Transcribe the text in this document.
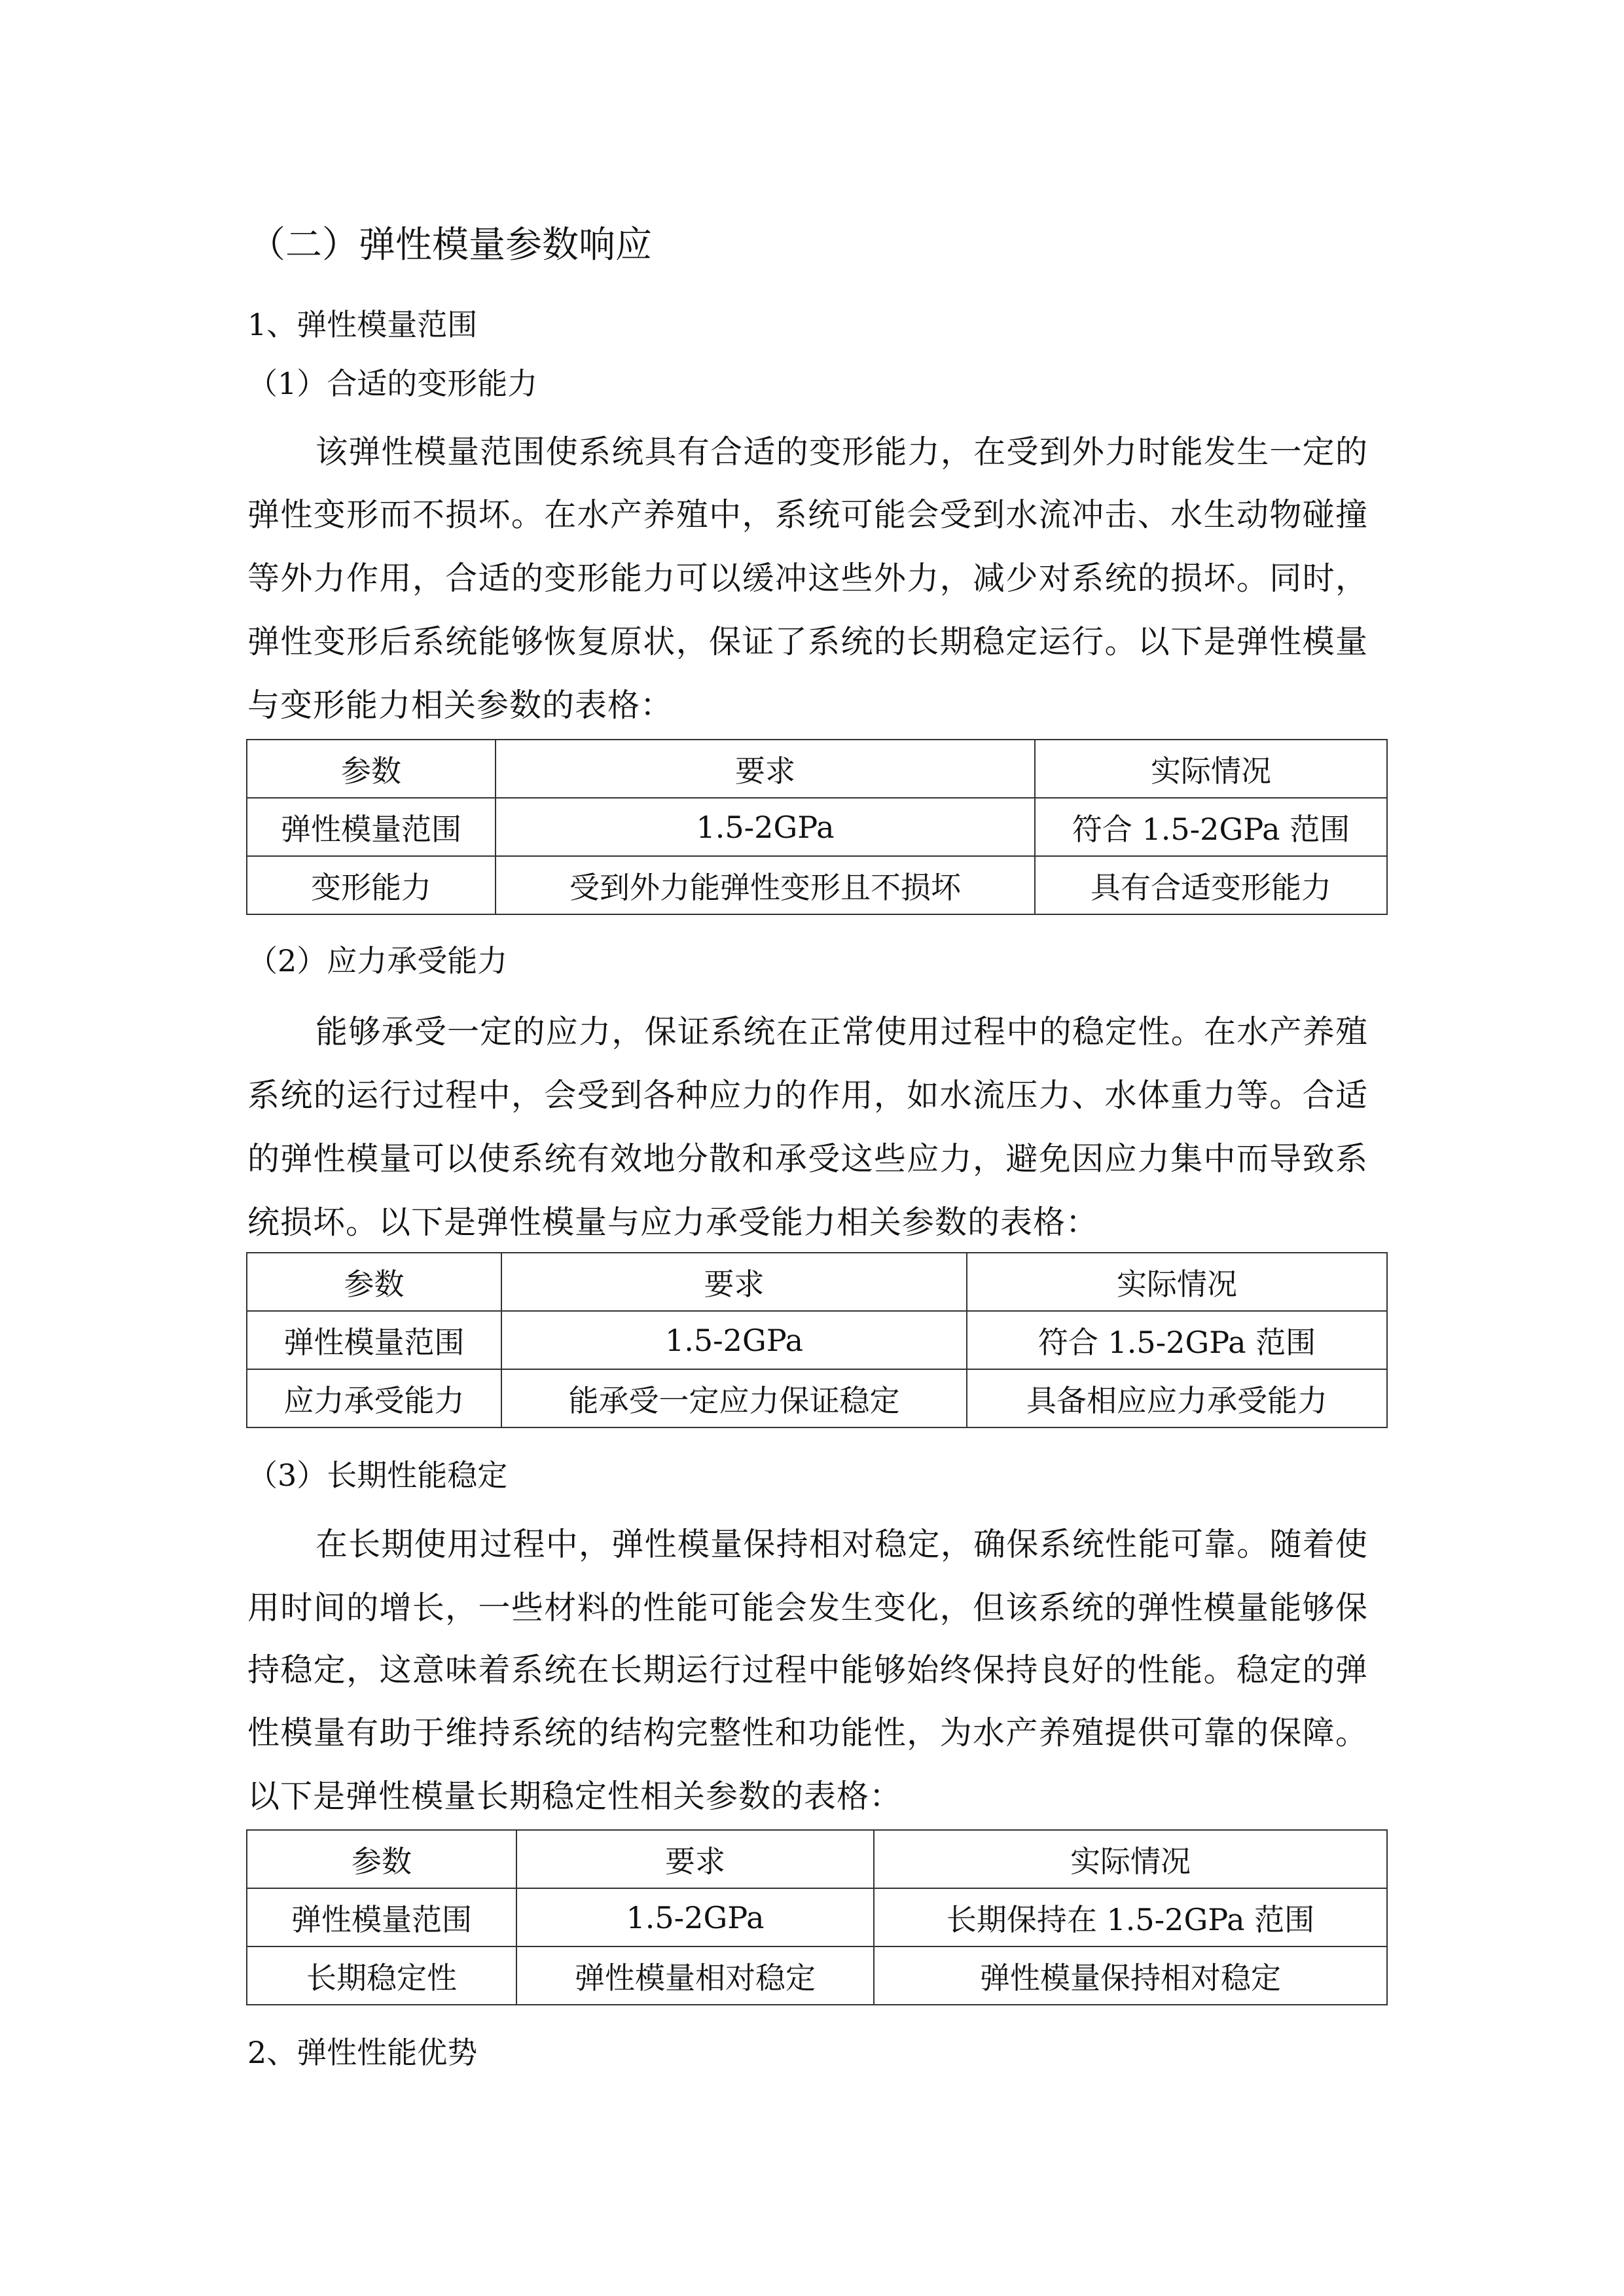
（二）弹性模量参数响应
1、弹性模量范围
（1）合适的变形能力
该弹性模量范围使系统具有合适的变形能力，在受到外力时能发生一定的
弹性变形而不损坏。在水产养殖中，系统可能会受到水流冲击、水生动物碰撞
等外力作用，合适的变形能力可以缓冲这些外力，减少对系统的损坏。同时，
弹性变形后系统能够恢复原状，保证了系统的长期稳定运行。以下是弹性模量
与变形能力相关参数的表格：
参数	要求	实际情况
弹性模量范围	1.5-2GPa	符合 1.5-2GPa 范围
变形能力	受到外力能弹性变形且不损坏	具有合适变形能力
（2）应力承受能力
能够承受一定的应力，保证系统在正常使用过程中的稳定性。在水产养殖
系统的运行过程中，会受到各种应力的作用，如水流压力、水体重力等。合适
的弹性模量可以使系统有效地分散和承受这些应力，避免因应力集中而导致系
统损坏。以下是弹性模量与应力承受能力相关参数的表格：
参数	要求	实际情况
弹性模量范围	1.5-2GPa	符合 1.5-2GPa 范围
应力承受能力	能承受一定应力保证稳定	具备相应应力承受能力
（3）长期性能稳定
在长期使用过程中，弹性模量保持相对稳定，确保系统性能可靠。随着使
用时间的增长，一些材料的性能可能会发生变化，但该系统的弹性模量能够保
持稳定，这意味着系统在长期运行过程中能够始终保持良好的性能。稳定的弹
性模量有助于维持系统的结构完整性和功能性，为水产养殖提供可靠的保障。
以下是弹性模量长期稳定性相关参数的表格：
参数	要求	实际情况
弹性模量范围	1.5-2GPa	长期保持在 1.5-2GPa 范围
长期稳定性	弹性模量相对稳定	弹性模量保持相对稳定
2、弹性性能优势
